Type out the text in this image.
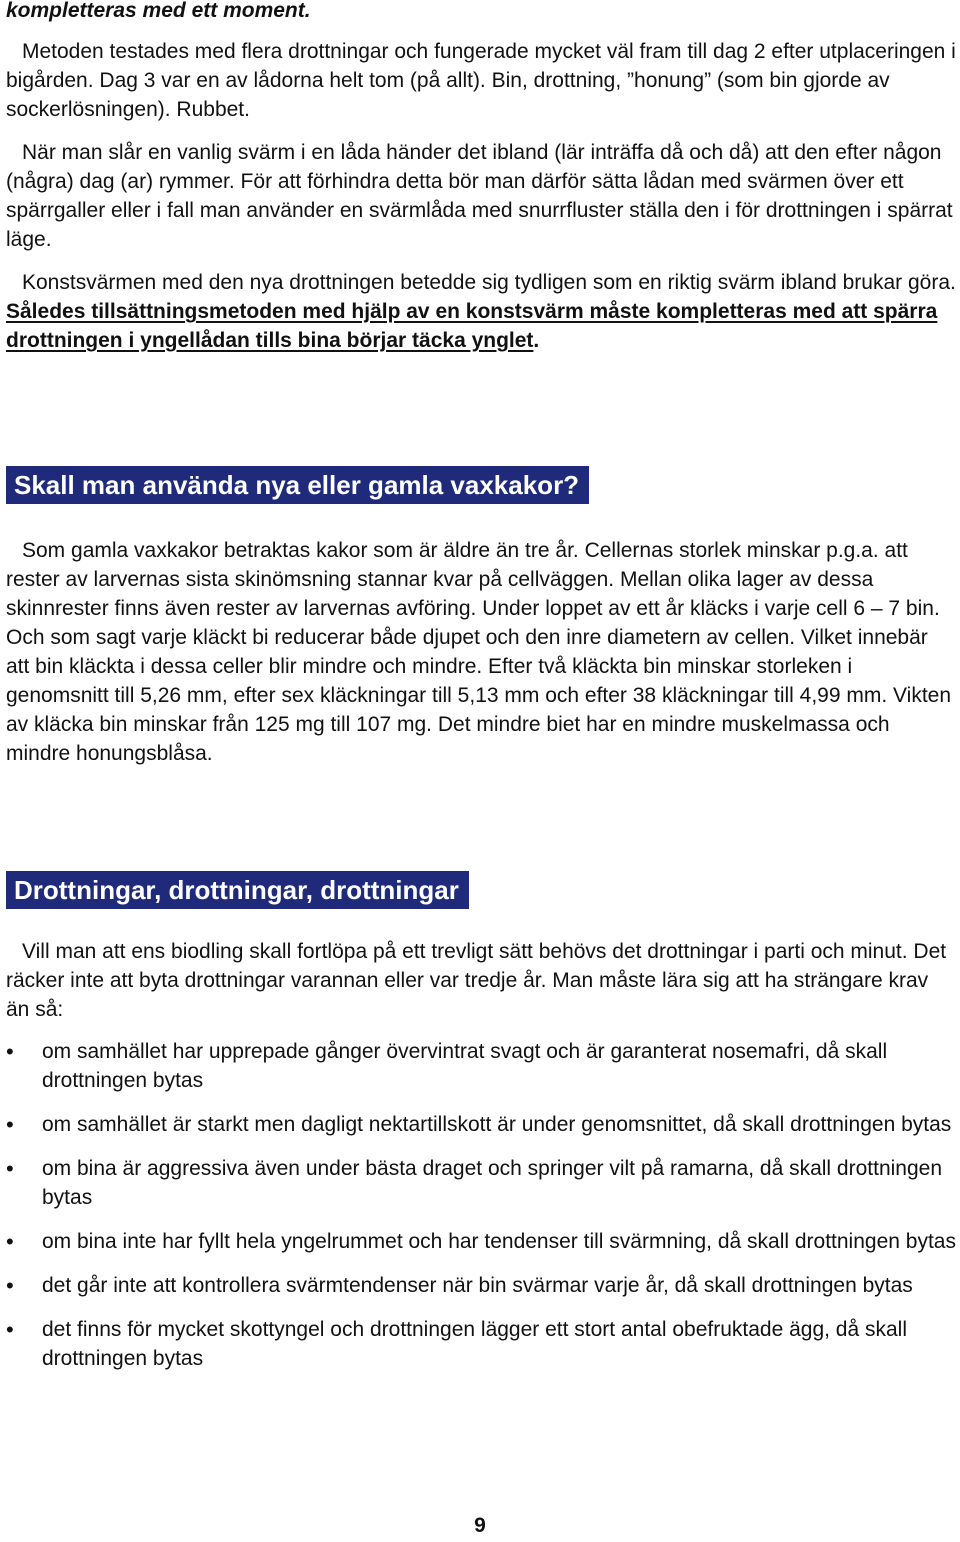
kompletteras med ett moment.

Metoden testades med flera drottningar och fungerade mycket väl fram till dag 2 efter utplaceringen i bigården. Dag 3 var en av lådorna helt tom (på allt). Bin, drottning, ”honung” (som bin gjorde av sockerlösningen). Rubbet.

När man slår en vanlig svärm i en låda händer det ibland (lär inträffa då och då) att den efter någon (några) dag (ar) rymmer. För att förhindra detta bör man därför sätta lådan med svärmen över ett spärrgaller eller i fall man använder en svärmlåda med snurrfluster ställa den i för drottningen i spärrat läge.

Konstsvärmen med den nya drottningen betedde sig tydligen som en riktig svärm ibland brukar göra. Således tillsättningsmetoden med hjälp av en konstsvärm måste kompletteras med att spärra drottningen i yngellådan tills bina börjar täcka ynglet.

Skall man använda nya eller gamla vaxkakor?

Som gamla vaxkakor betraktas kakor som är äldre än tre år. Cellernas storlek minskar p.g.a. att rester av larvernas sista skinömsning stannar kvar på cellväggen. Mellan olika lager av dessa skinnrester finns även rester av larvernas avföring. Under loppet av ett år kläcks i varje cell 6 – 7 bin. Och som sagt varje kläckt bi reducerar både djupet och den inre diametern av cellen. Vilket innebär att bin kläckta i dessa celler blir mindre och mindre. Efter två kläckta bin minskar storleken i genomsnitt till 5,26 mm, efter sex kläckningar till 5,13 mm och efter 38 kläckningar till 4,99 mm. Vikten av kläcka bin minskar från 125 mg till 107 mg. Det mindre biet har en mindre muskelmassa och mindre honungsblåsa.

Drottningar, drottningar, drottningar

Vill man att ens biodling skall fortlöpa på ett trevligt sätt behövs det drottningar i parti och minut. Det räcker inte att byta drottningar varannan eller var tredje år. Man måste lära sig att ha strängare krav än så:

• om samhället har upprepade gånger övervintrat svagt och är garanterat nosemafri, då skall drottningen bytas
• om samhället är starkt men dagligt nektartillskott är under genomsnittet, då skall drottningen bytas
• om bina är aggressiva även under bästa draget och springer vilt på ramarna, då skall drottningen bytas
• om bina inte har fyllt hela yngelrummet och har tendenser till svärmning, då skall drottningen bytas
• det går inte att kontrollera svärmtendenser när bin svärmar varje år, då skall drottningen bytas
• det finns för mycket skottyngel och drottningen lägger ett stort antal obefruktade ägg, då skall drottningen bytas
9
